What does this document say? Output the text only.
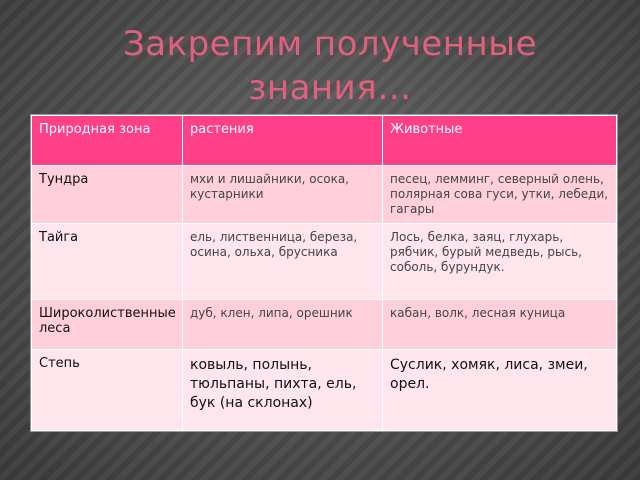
Закрепим полученные знания…
Природная зона	растения	Животные
Тундра	мхи и лишайники, осока, кустарники	песец, лемминг, северный олень, полярная сова гуси, утки, лебеди, гагары
Тайга	ель, лиственница, береза, осина, ольха, брусника	Лось, белка, заяц, глухарь, рябчик, бурый медведь, рысь, соболь, бурундук.
Широколиственные леса	дуб, клен, липа, орешник	кабан, волк, лесная куница
Степь	ковыль, полынь, тюльпаны, пихта, ель, бук (на склонах)	Суслик, хомяк, лиса, змеи, орел.
